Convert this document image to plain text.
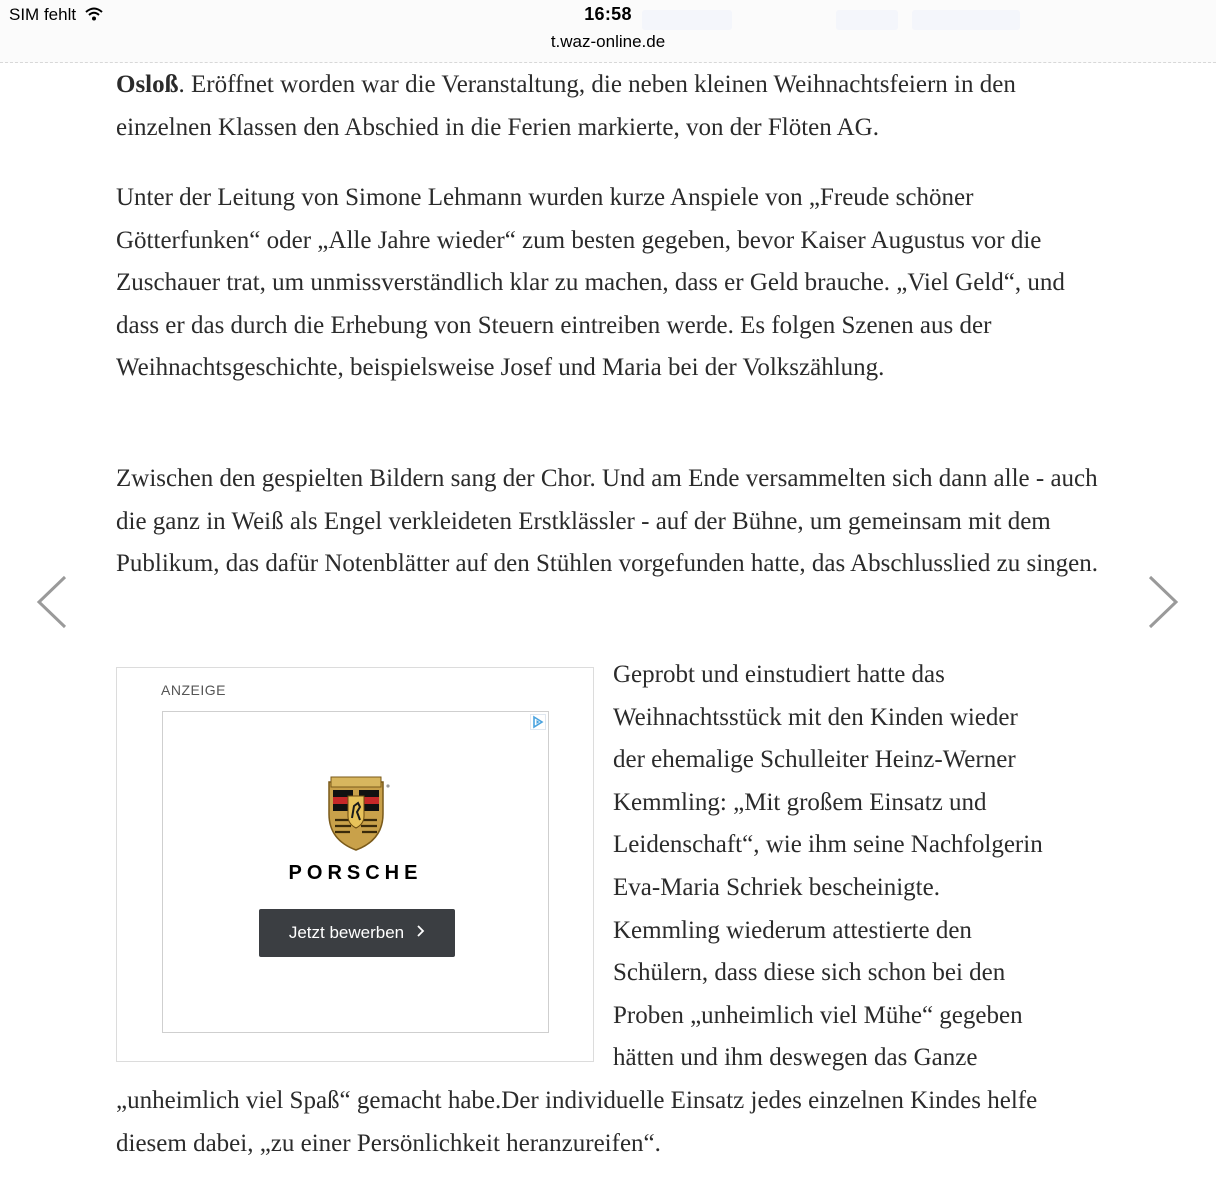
SIM fehlt	16:58
t.waz-online.de

Osloß. Eröffnet worden war die Veranstaltung, die neben kleinen Weihnachtsfeiern in den einzelnen Klassen den Abschied in die Ferien markierte, von der Flöten AG.

Unter der Leitung von Simone Lehmann wurden kurze Anspiele von „Freude schöner Götterfunken“ oder „Alle Jahre wieder“ zum besten gegeben, bevor Kaiser Augustus vor die Zuschauer trat, um unmissverständlich klar zu machen, dass er Geld brauche. „Viel Geld“, und dass er das durch die Erhebung von Steuern eintreiben werde. Es folgen Szenen aus der Weihnachtsgeschichte, beispielsweise Josef und Maria bei der Volkszählung.

Zwischen den gespielten Bildern sang der Chor. Und am Ende versammelten sich dann alle - auch die ganz in Weiß als Engel verkleideten Erstklässler - auf der Bühne, um gemeinsam mit dem Publikum, das dafür Notenblätter auf den Stühlen vorgefunden hatte, das Abschlusslied zu singen.

Geprobt und einstudiert hatte das
Weihnachtsstück mit den Kinden wieder
der ehemalige Schulleiter Heinz-Werner
Kemmling: „Mit großem Einsatz und
Leidenschaft“, wie ihm seine Nachfolgerin
Eva-Maria Schriek bescheinigte.
Kemmling wiederum attestierte den
Schülern, dass diese sich schon bei den
Proben „unheimlich viel Mühe“ gegeben
hätten und ihm deswegen das Ganze

„unheimlich viel Spaß“ gemacht habe.Der individuelle Einsatz jedes einzelnen Kindes helfe diesem dabei, „zu einer Persönlichkeit heranzureifen“.

ANZEIGE
PORSCHE
Jetzt bewerben
